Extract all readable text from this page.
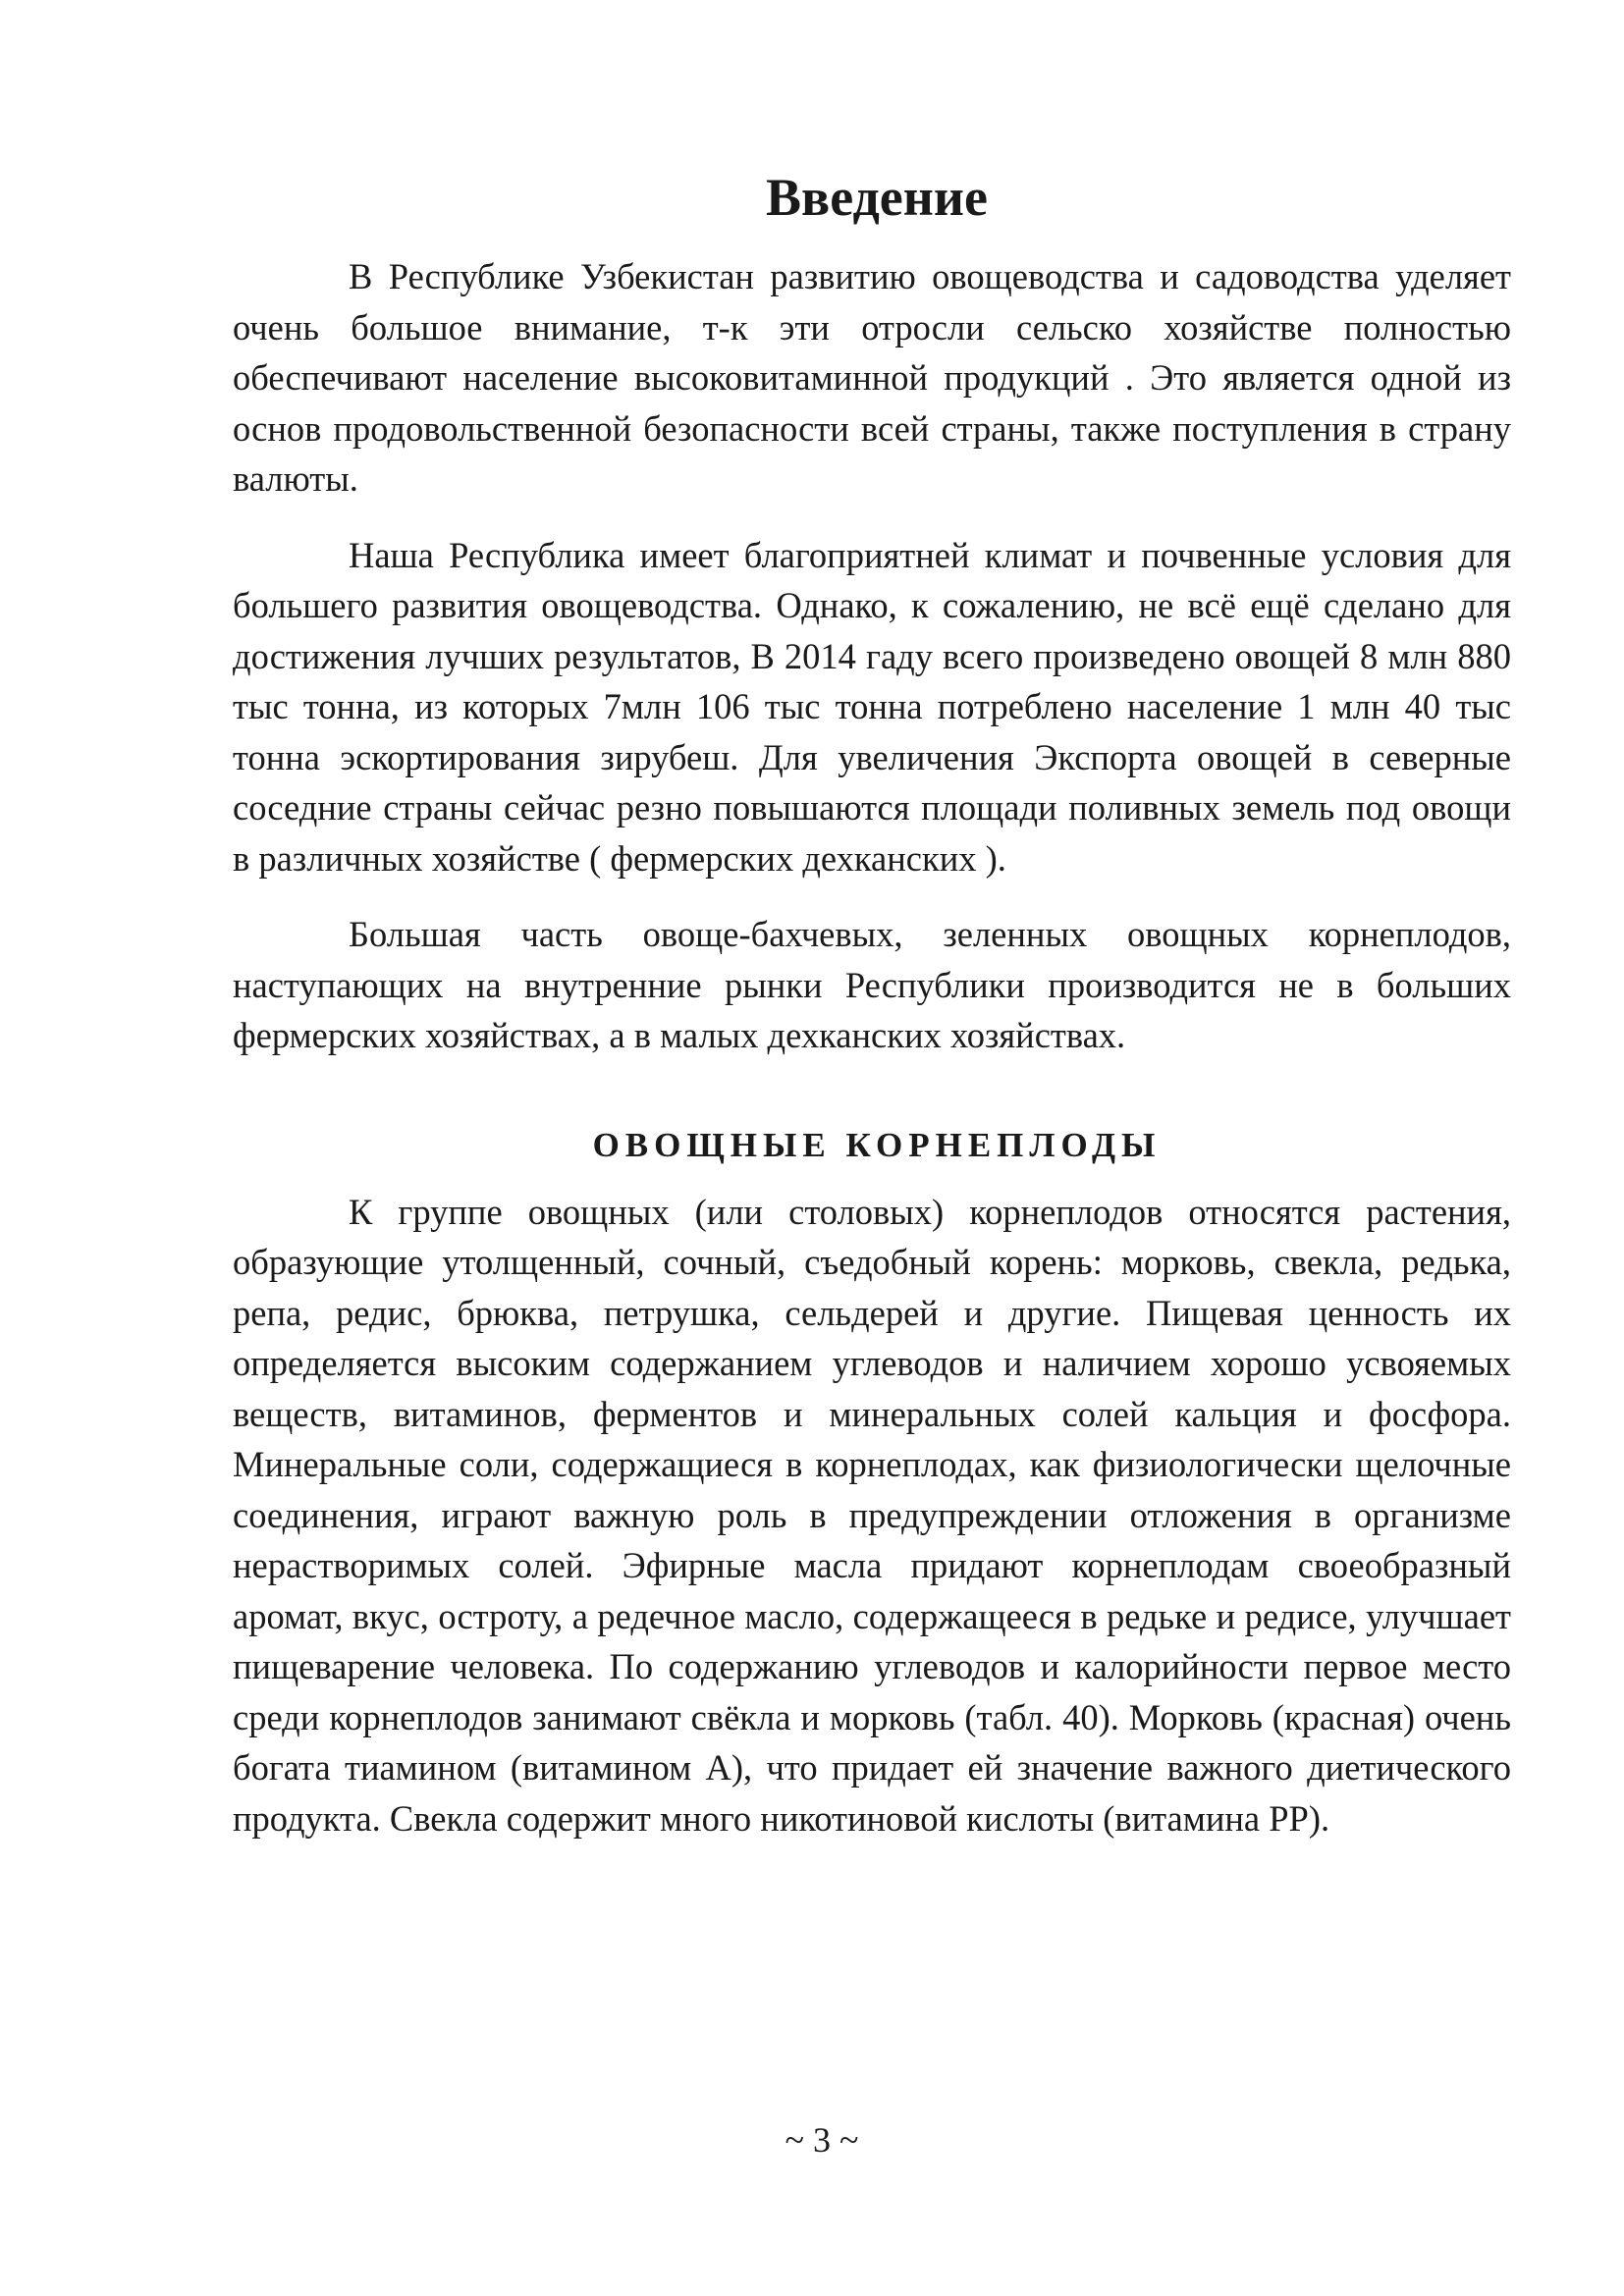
Введение

В Республике Узбекистан развитию овощеводства и садоводства уделяет очень большое внимание, т-к эти отросли сельско хозяйстве полностью обеспечивают население высоковитаминной продукций . Это является одной из основ продовольственной безопасности всей страны, также поступления в страну валюты.

Наша Республика имеет благоприятней климат и почвенные условия для большего развития овощеводства. Однако, к сожалению, не всё ещё сделано для достижения лучших результатов, В 2014 гаду всего произведено овощей 8 млн 880 тыс тонна, из которых 7млн 106 тыс тонна потреблено население 1 млн 40 тыс тонна эскортирования зирубеш. Для увеличения Экспорта овощей в северные соседние страны сейчас резно повышаются площади поливных земель под овощи в различных хозяйстве ( фермерских дехканских ).

Большая часть овоще-бахчевых, зеленных овощных корнеплодов, наступающих на внутренние рынки Республики производится не в больших фермерских хозяйствах, а в малых дехканских хозяйствах.

ОВОЩНЫЕ КОРНЕПЛОДЫ

К группе овощных (или столовых) корнеплодов относятся растения, образующие утолщенный, сочный, съедобный корень: морковь, свекла, редька, репа, редис, брюква, петрушка, сельдерей и другие. Пищевая ценность их определяется высоким содержанием углеводов и наличием хорошо усвояемых веществ, витаминов, ферментов и минеральных солей кальция и фосфора. Минеральные соли, содержащиеся в корнеплодах, как физиологически щелочные соединения, играют важную роль в предупреждении отложения в организме нерастворимых солей. Эфирные масла придают корнеплодам своеобразный аромат, вкус, остроту, а редечное масло, содержащееся в редьке и редисе, улучшает пищеварение человека. По содержанию углеводов и калорийности первое место среди корнеплодов занимают свёкла и морковь (табл. 40). Морковь (красная) очень богата тиамином (витамином А), что придает ей значение важного диетического продукта. Свекла содержит много никотиновой кислоты (витамина РР).

~ 3 ~
